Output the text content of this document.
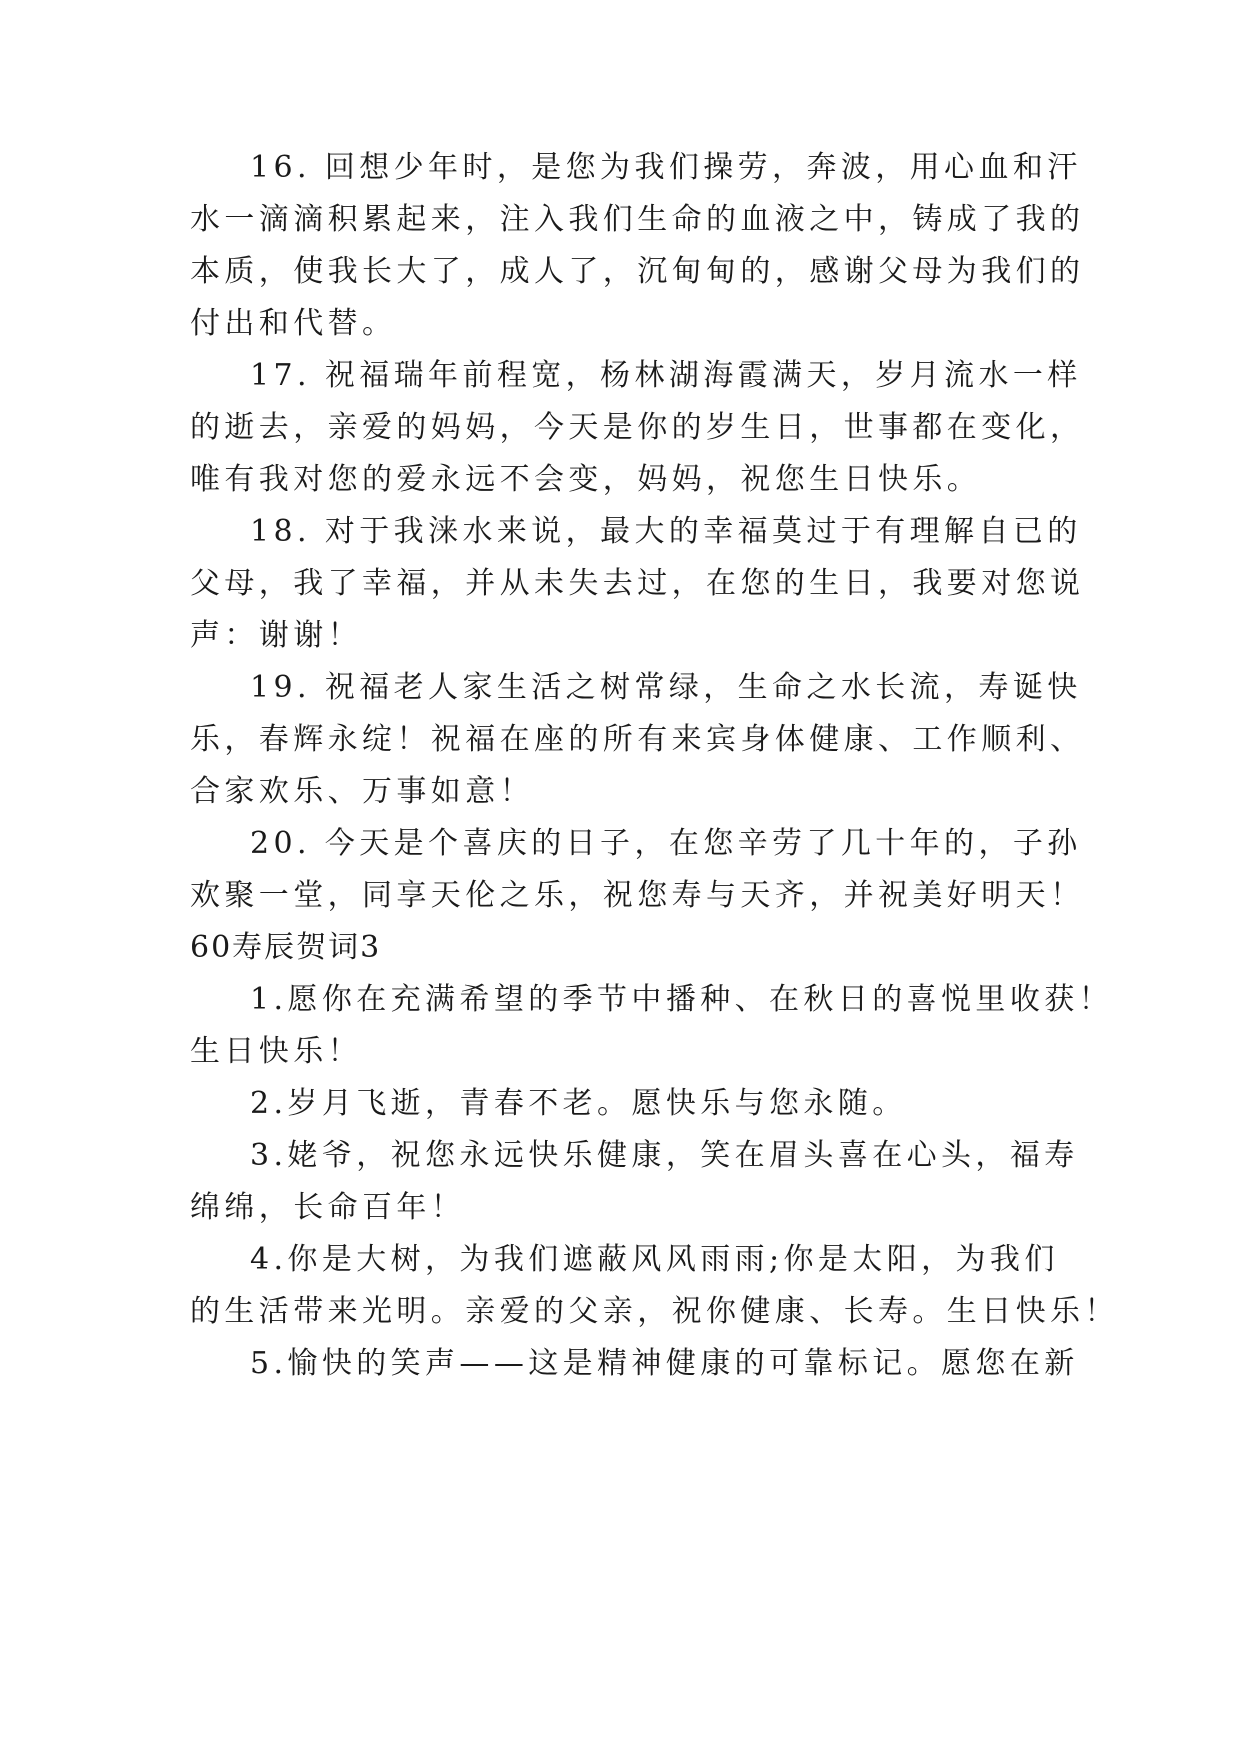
16. 回想少年时，是您为我们操劳，奔波，用心血和汗
水一滴滴积累起来，注入我们生命的血液之中，铸成了我的
本质，使我长大了，成人了，沉甸甸的，感谢父母为我们的
付出和代替。
17. 祝福瑞年前程宽，杨林湖海霞满天，岁月流水一样
的逝去，亲爱的妈妈，今天是你的岁生日，世事都在变化，
唯有我对您的爱永远不会变，妈妈，祝您生日快乐。
18. 对于我涞水来说，最大的幸福莫过于有理解自已的
父母，我了幸福，并从未失去过，在您的生日，我要对您说
声：谢谢！
19. 祝福老人家生活之树常绿，生命之水长流，寿诞快
乐，春辉永绽！祝福在座的所有来宾身体健康、工作顺利、
合家欢乐、万事如意！
20. 今天是个喜庆的日子，在您辛劳了几十年的，子孙
欢聚一堂，同享天伦之乐，祝您寿与天齐，并祝美好明天！
60寿辰贺词3
1.愿你在充满希望的季节中播种、在秋日的喜悦里收获！
生日快乐！
2.岁月飞逝，青春不老。愿快乐与您永随。
3.姥爷，祝您永远快乐健康，笑在眉头喜在心头，福寿
绵绵，长命百年！
4.你是大树，为我们遮蔽风风雨雨;你是太阳，为我们
的生活带来光明。亲爱的父亲，祝你健康、长寿。生日快乐！
5.愉快的笑声——这是精神健康的可靠标记。愿您在新
